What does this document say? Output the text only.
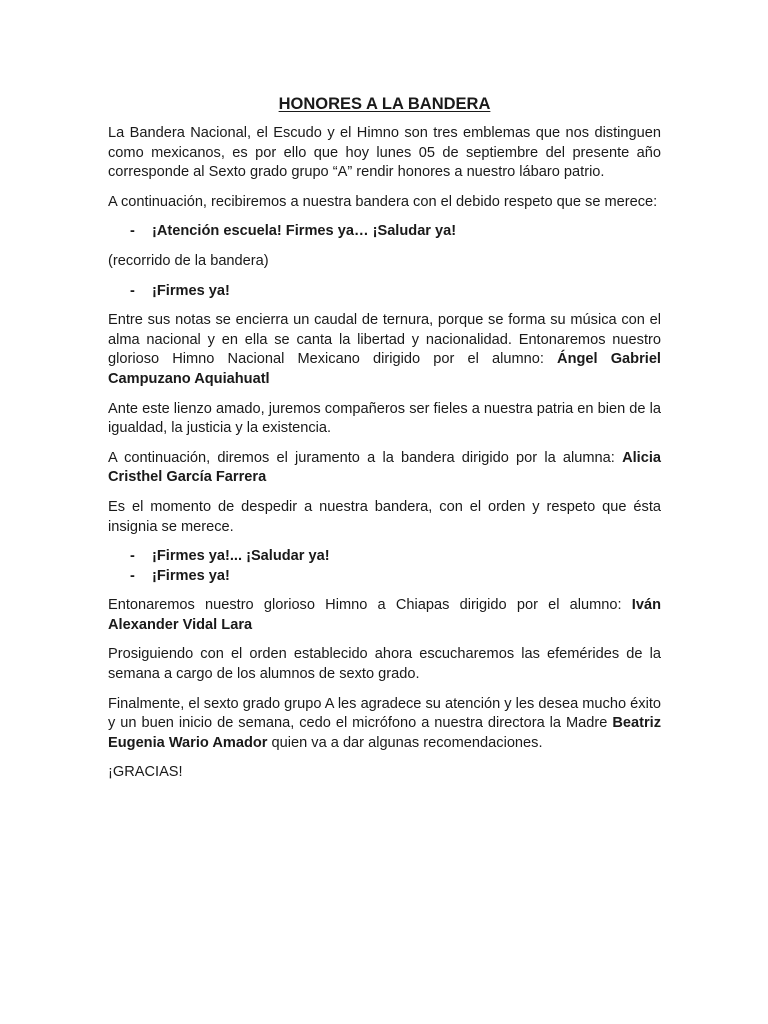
HONORES A LA BANDERA

La Bandera Nacional, el Escudo y el Himno son tres emblemas que nos distinguen como mexicanos, es por ello que hoy lunes 05 de septiembre del presente año corresponde al Sexto grado grupo “A” rendir honores a nuestro lábaro patrio.

A continuación, recibiremos a nuestra bandera con el debido respeto que se merece:

-	¡Atención escuela! Firmes ya… ¡Saludar ya!

(recorrido de la bandera)

-	¡Firmes ya!

Entre sus notas se encierra un caudal de ternura, porque se forma su música con el alma nacional y en ella se canta la libertad y nacionalidad. Entonaremos nuestro glorioso Himno Nacional Mexicano dirigido por el alumno: Ángel Gabriel Campuzano Aquiahuatl

Ante este lienzo amado, juremos compañeros ser fieles a nuestra patria en bien de la igualdad, la justicia y la existencia.

A continuación, diremos el juramento a la bandera dirigido por la alumna: Alicia Cristhel García Farrera

Es el momento de despedir a nuestra bandera, con el orden y respeto que ésta insignia se merece.

-	¡Firmes ya!... ¡Saludar ya!
-	¡Firmes ya!

Entonaremos nuestro glorioso Himno a Chiapas dirigido por el alumno: Iván Alexander Vidal Lara

Prosiguiendo con el orden establecido ahora escucharemos las efemérides de la semana a cargo de los alumnos de sexto grado.

Finalmente, el sexto grado grupo A les agradece su atención y les desea mucho éxito y un buen inicio de semana, cedo el micrófono a nuestra directora la Madre Beatriz Eugenia Wario Amador quien va a dar algunas recomendaciones.

¡GRACIAS!
